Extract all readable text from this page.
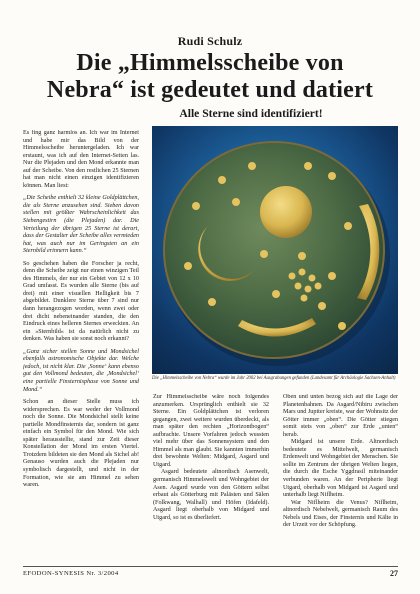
Rudi Schulz
Die „Himmelsscheibe von
Nebra“ ist gedeutet und datiert
Alle Sterne sind identifiziert!

Es fing ganz harmlos an. Ich war im Internet und habe mir das Bild von der Himmelsscheibe heruntergeladen. Ich war erstaunt, was ich auf den Internet-Seiten las. Nur die Plejaden und den Mond erkannte man auf der Scheibe. Von den restlichen 25 Sternen hat man nicht einen einzigen identifizieren können. Man liest:

„Die Scheibe enthielt 32 kleine Goldplättchen, die als Sterne anzusehen sind. Sieben davon stellen mit größter Wahrscheinlichkeit das Siebengestirn (die Plejaden) dar. Die Verteilung der übrigen 25 Sterne ist derart, dass der Gestalter der Scheibe alles vermieden hat, was auch nur im Geringsten an ein Sternbild erinnern kann.“

So geschehen haben die Forscher ja recht, denn die Scheibe zeigt nur einen winzigen Teil des Himmels, der nur ein Gebiet von 12 x 10 Grad umfasst. Es wurden alle Sterne (bis auf drei) mit einer visuellen Helligkeit bis 7 abgebildet. Dunklere Sterne über 7 sind nur dann herangezogen worden, wenn zwei oder drei dicht nebeneinander standen, die den Eindruck eines helleren Sternes erweckten. An ein »Sternbild« ist da natürlich nicht zu denken. Was haben sie sonst noch erkannt?

„Ganz sicher stellen Sonne und Mondsichel ebenfalls astronomische Objekte dar. Welche jedoch, ist nicht klar. Die ‚Sonne‘ kann ebenso gut den Vollmond bedeuten, die ‚Mondsichel‘ eine partielle Finsternisphase von Sonne und Mond.“

Schon an dieser Stelle muss ich widersprechen. Es war weder der Vollmond noch die Sonne. Die Mondsichel stellt keine partielle Mondfinsternis dar, sondern ist ganz einfach ein Symbol für den Mond. Wie sich später herausstellte, stand zur Zeit dieser Konstellation der Mond im ersten Viertel. Trotzdem bildeten sie den Mond als Sichel ab! Genauso wurden auch die Plejaden nur symbolisch dargestellt, und nicht in der Formation, wie sie am Himmel zu sehen waren.

Die „Himmelsscheibe von Nebra“ wurde im Jahr 2002 bei Ausgrabungen gefunden (Landesamt für Archäologie Sachsen-Anhalt)

Zur Himmelsscheibe wäre noch folgendes anzumerken. Ursprünglich enthielt sie 32 Sterne. Ein Goldplättchen ist verloren gegangen, zwei weitere wurden überdeckt, als man später den rechten „Horizontbogen“ aufbrachte. Unsere Vorfahren jedoch wussten viel mehr über das Sonnensystem und den Himmel als man glaubt. Sie kannten immerhin drei bewohnte Welten: Midgard, Asgard und Utgard.

Asgard bedeutete altnordisch Asenwelt, germanisch Himmelswelt und Wohngebiet der Asen. Asgard wurde von den Göttern selbst erbaut als Götterburg mit Palästen und Sälen (Folkwang, Walhall) und Höfen (Idafeld). Asgard liegt oberhalb von Midgard und Utgard, so ist es überliefert.

Oben und unten bezog sich auf die Lage der Planetenbahnen. Da Asgard/Nibiru zwischen Mars und Jupiter kreiste, war der Wohnsitz der Götter immer „oben“. Die Götter stiegen somit stets von „oben“ zur Erde „unten“ herab.

Midgard ist unsere Erde. Altnordisch bedeutete es Mittelwelt, germanisch Erdenwelt und Wohngebiet der Menschen. Sie sollte im Zentrum der übrigen Welten liegen, die durch die Esche Yggdrasil miteinander verbunden waren. An der Peripherie liegt Utgard, oberhalb von Midgard ist Asgard und unterhalb liegt Niflheim.

War Niflheim die Venus? Niflheim, altnordisch Nebelwelt, germanisch Raum des Nebels und Eises, der Finsternis und Kälte in der Urzeit vor der Schöpfung.

EFODON-SYNESIS Nr. 3/2004	27
